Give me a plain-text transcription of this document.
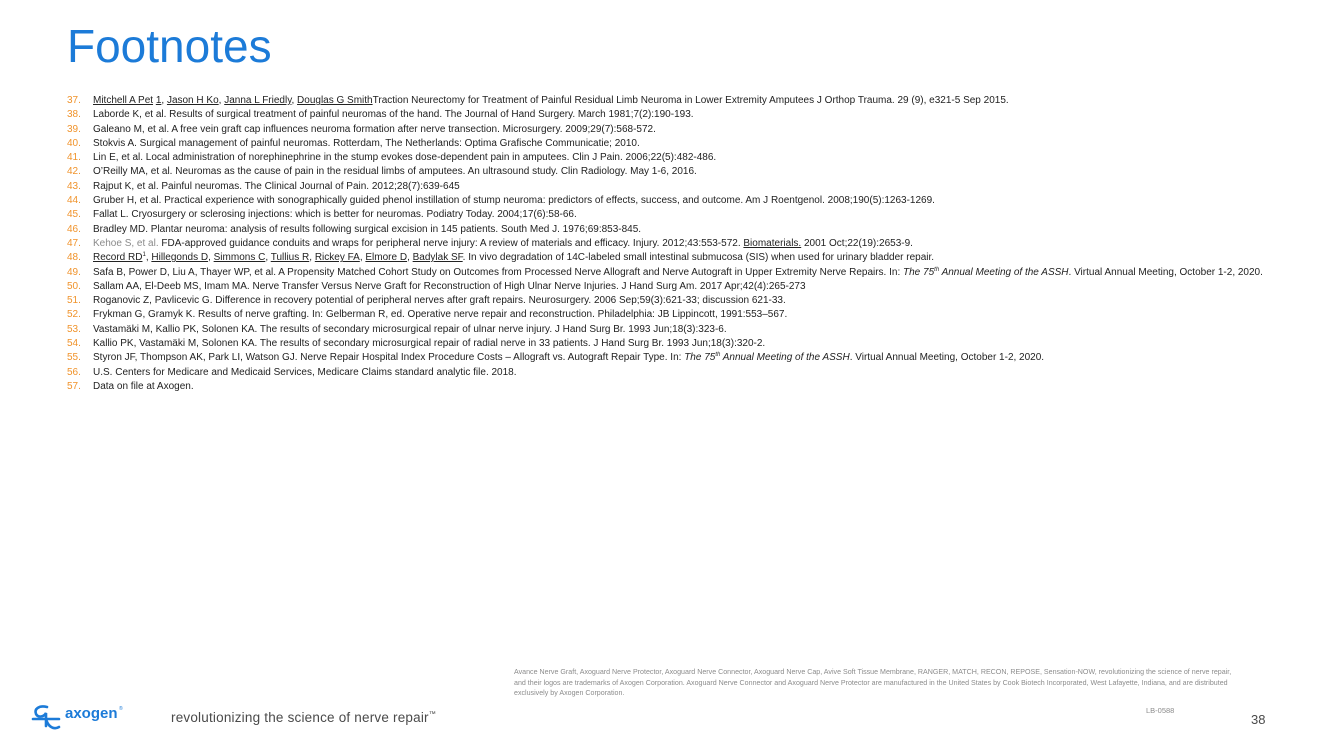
Footnotes
37. Mitchell A Pet 1, Jason H Ko, Janna L Friedly, Douglas G SmithTraction Neurectomy for Treatment of Painful Residual Limb Neuroma in Lower Extremity Amputees J Orthop Trauma. 29 (9), e321-5 Sep 2015.
38. Laborde K, et al. Results of surgical treatment of painful neuromas of the hand. The Journal of Hand Surgery. March 1981;7(2):190-193.
39. Galeano M, et al. A free vein graft cap influences neuroma formation after nerve transection. Microsurgery. 2009;29(7):568-572.
40. Stokvis A. Surgical management of painful neuromas. Rotterdam, The Netherlands: Optima Grafische Communicatie; 2010.
41. Lin E, et al. Local administration of norephinephrine in the stump evokes dose-dependent pain in amputees. Clin J Pain. 2006;22(5):482-486.
42. O’Reilly MA, et al. Neuromas as the cause of pain in the residual limbs of amputees. An ultrasound study. Clin Radiology. May 1-6, 2016.
43. Rajput K, et al. Painful neuromas. The Clinical Journal of Pain. 2012;28(7):639-645
44. Gruber H, et al. Practical experience with sonographically guided phenol instillation of stump neuroma: predictors of effects, success, and outcome. Am J Roentgenol. 2008;190(5):1263-1269.
45. Fallat L. Cryosurgery or sclerosing injections: which is better for neuromas. Podiatry Today. 2004;17(6):58-66.
46. Bradley MD. Plantar neuroma: analysis of results following surgical excision in 145 patients. South Med J. 1976;69:853-845.
47. Kehoe S, et al. FDA-approved guidance conduits and wraps for peripheral nerve injury: A review of materials and efficacy. Injury. 2012;43:553-572. Biomaterials. 2001 Oct;22(19):2653-9.
48. Record $RD^1$, Hillegonds D, Simmons C, Tullius R, Rickey FA, Elmore D, Badylak SF. In vivo degradation of 14C-labeled small intestinal submucosa (SIS) when used for urinary bladder repair.
49. Safa B, Power D, Liu A, Thayer WP, et al. A Propensity Matched Cohort Study on Outcomes from Processed Nerve Allograft and Nerve Autograft in Upper Extremity Nerve Repairs. In: The 75th Annual Meeting of the ASSH. Virtual Annual Meeting, October 1-2, 2020.
50. Sallam AA, El-Deeb MS, Imam MA. Nerve Transfer Versus Nerve Graft for Reconstruction of High Ulnar Nerve Injuries. J Hand Surg Am. 2017 Apr;42(4):265-273
51. Roganovic Z, Pavlicevic G. Difference in recovery potential of peripheral nerves after graft repairs. Neurosurgery. 2006 Sep;59(3):621-33; discussion 621-33.
52. Frykman G, Gramyk K. Results of nerve grafting. In: Gelberman R, ed. Operative nerve repair and reconstruction. Philadelphia: JB Lippincott, 1991:553–567.
53. Vastamäki M, Kallio PK, Solonen KA. The results of secondary microsurgical repair of ulnar nerve injury. J Hand Surg Br. 1993 Jun;18(3):323-6.
54. Kallio PK, Vastamäki M, Solonen KA. The results of secondary microsurgical repair of radial nerve in 33 patients. J Hand Surg Br. 1993 Jun;18(3):320-2.
55. Styron JF, Thompson AK, Park LI, Watson GJ. Nerve Repair Hospital Index Procedure Costs – Allograft vs. Autograft Repair Type. In: The 75th Annual Meeting of the ASSH. Virtual Annual Meeting, October 1-2, 2020.
56. U.S. Centers for Medicare and Medicaid Services, Medicare Claims standard analytic file. 2018.
57. Data on file at Axogen.
Avance Nerve Graft, Axoguard Nerve Protector, Axoguard Nerve Connector, Axoguard Nerve Cap, Avive Soft Tissue Membrane, RANGER, MATCH, RECON, REPOSE, Sensation-NOW, revolutionizing the science of nerve repair, and their logos are trademarks of Axogen Corporation. Axoguard Nerve Connector and Axoguard Nerve Protector are manufactured in the United States by Cook Biotech Incorporated, West Lafayette, Indiana, and are distributed exclusively by Axogen Corporation.
axogen ®
revolutionizing the science of nerve repair™	LB-0588
38
